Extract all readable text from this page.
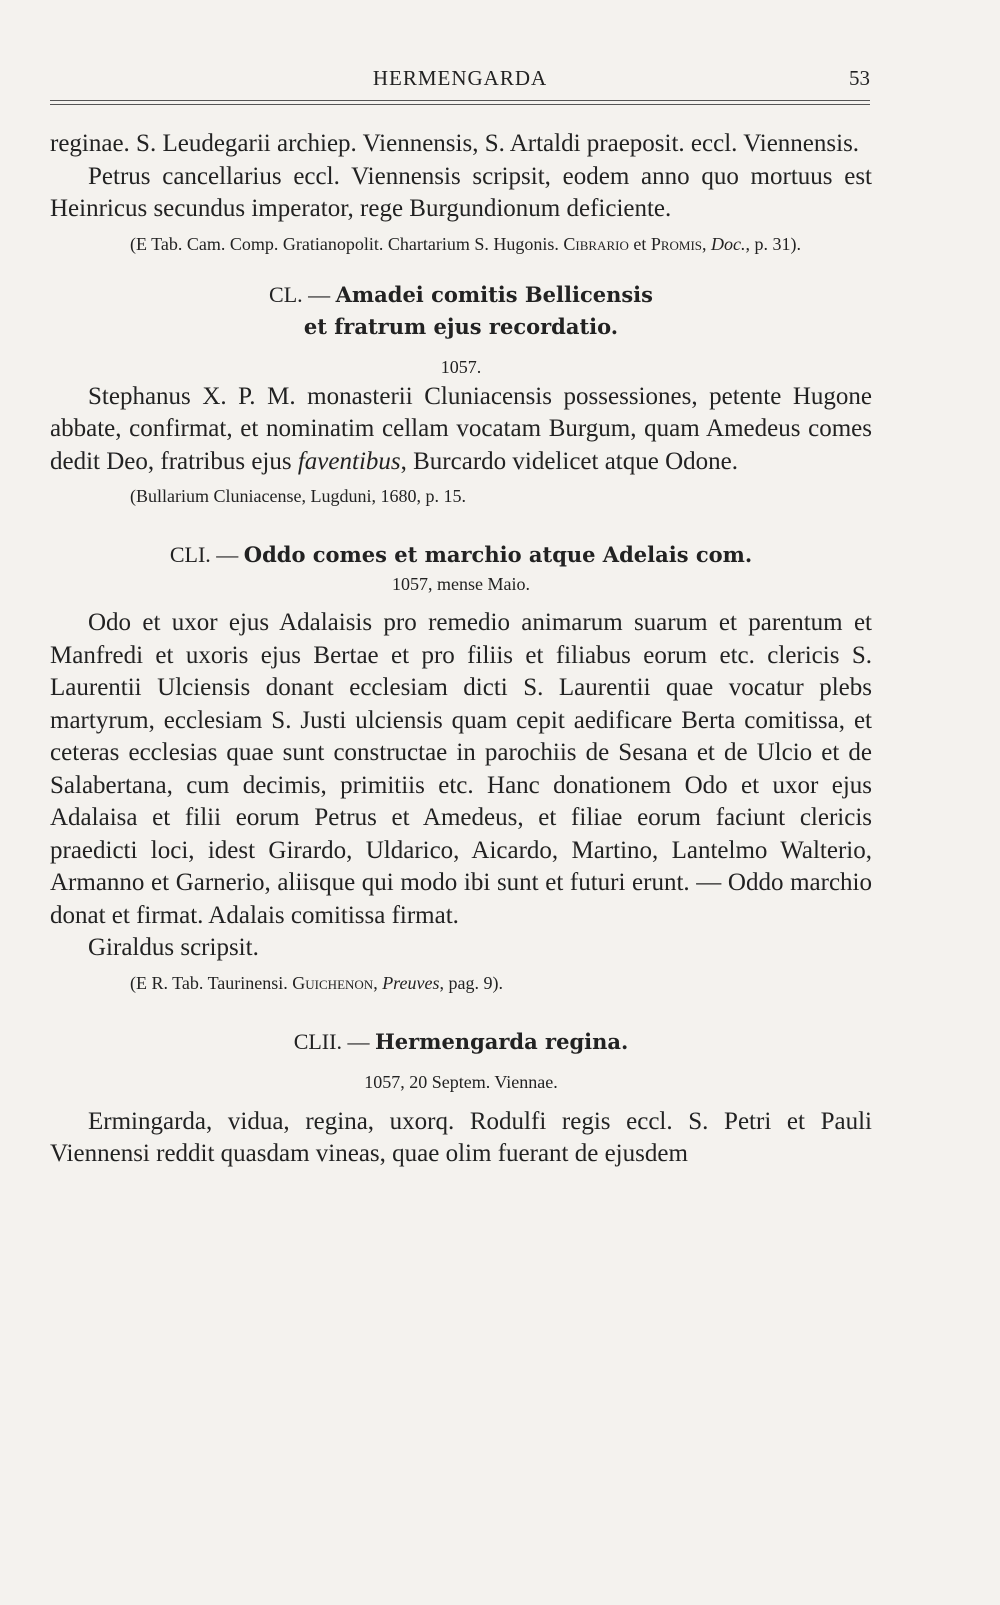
HERMENGARDA	53

reginae. S. Leudegarii archiep. Viennensis, S. Artaldi praeposit. eccl. Viennensis.

Petrus cancellarius eccl. Viennensis scripsit, eodem anno quo mortuus est Heinricus secundus imperator, rege Burgundionum deficiente.

(E Tab. Cam. Comp. Gratianopolit. Chartarium S. Hugonis. Cibrario et Promis, Doc., p. 31).

CL. — Amadei comitis Bellicensis
et fratrum ejus recordatio.
1057.

Stephanus X. P. M. monasterii Cluniacensis possessiones, petente Hugone abbate, confirmat, et nominatim cellam vocatam Burgum, quam Amedeus comes dedit Deo, fratribus ejus faventibus, Burcardo videlicet atque Odone.

(Bullarium Cluniacense, Lugduni, 1680, p. 15.

CLI. — Oddo comes et marchio atque Adelais com.
1057, mense Maio.

Odo et uxor ejus Adalaisis pro remedio animarum suarum et parentum et Manfredi et uxoris ejus Bertae et pro filiis et filiabus eorum etc. clericis S. Laurentii Ulciensis donant ecclesiam dicti S. Laurentii quae vocatur plebs martyrum, ecclesiam S. Justi ulciensis quam cepit aedificare Berta comitissa, et ceteras ecclesias quae sunt constructae in parochiis de Sesana et de Ulcio et de Salabertana, cum decimis, primitiis etc. Hanc donationem Odo et uxor ejus Adalaisa et filii eorum Petrus et Amedeus, et filiae eorum faciunt clericis praedicti loci, idest Girardo, Uldarico, Aicardo, Martino, Lantelmo Walterio, Armanno et Garnerio, aliisque qui modo ibi sunt et futuri erunt. — Oddo marchio donat et firmat. Adalais comitissa firmat.

Giraldus scripsit.

(E R. Tab. Taurinensi. Guichenon, Preuves, pag. 9).

CLII. — Hermengarda regina.
1057, 20 Septem. Viennae.

Ermingarda, vidua, regina, uxorq. Rodulfi regis eccl. S. Petri et Pauli Viennensi reddit quasdam vineas, quae olim fuerant de ejusdem
